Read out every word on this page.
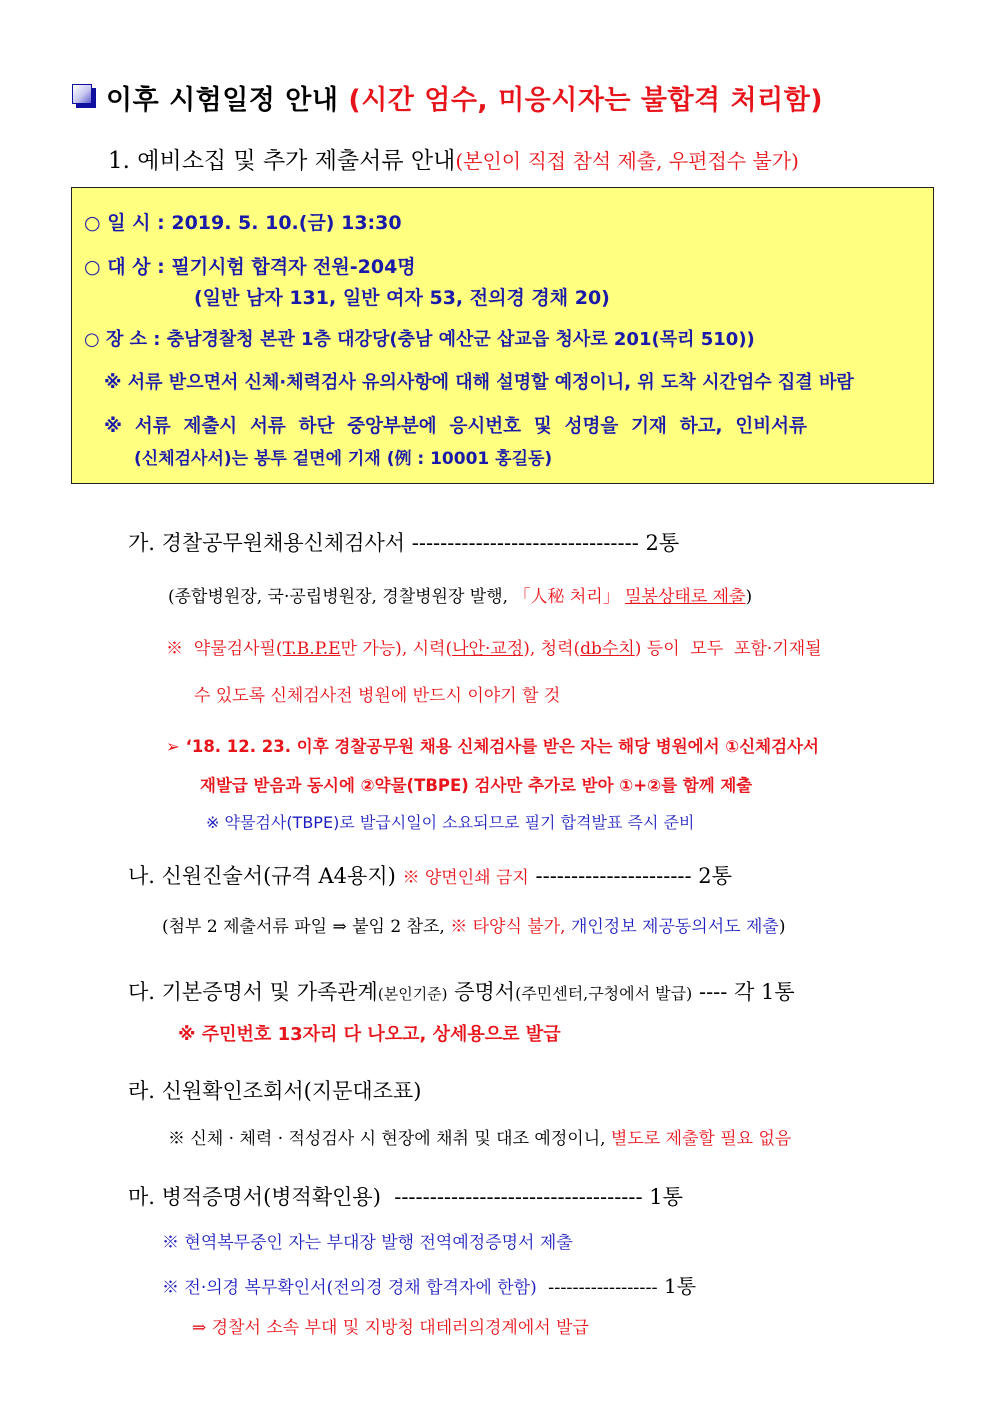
이후 시험일정 안내 (시간 엄수, 미응시자는 불합격 처리함)
1. 예비소집 및 추가 제출서류 안내(본인이 직접 참석 제출, 우편접수 불가)
○ 일 시 : 2019. 5. 10.(금) 13:30
○ 대 상 : 필기시험 합격자 전원-204명
(일반 남자 131, 일반 여자 53, 전의경 경채 20)
○ 장 소 : 충남경찰청 본관 1층 대강당(충남 예산군 삽교읍 청사로 201(목리 510))
※ 서류 받으면서 신체·체력검사 유의사항에 대해 설명할 예정이니, 위 도착 시간엄수 집결 바람
※  서류  제출시  서류  하단  중앙부분에  응시번호  및  성명을  기재  하고,  인비서류
(신체검사서)는 봉투 겉면에 기재 (例 : 10001 홍길동)
가. 경찰공무원채용신체검사서 -------------------------------- 2통
(종합병원장, 국·공립병원장, 경찰병원장 발행, 「人秘 처리」 밀봉상태로 제출)
※  약물검사필(T.B.P.E만 가능), 시력(나안·교정), 청력(db수치) 등이  모두  포함·기재될
수 있도록 신체검사전 병원에 반드시 이야기 할 것
➢ ‘18. 12. 23. 이후 경찰공무원 채용 신체검사를 받은 자는 해당 병원에서 ①신체검사서
재발급 받음과 동시에 ②약물(TBPE) 검사만 추가로 받아 ①+②를 함께 제출
※ 약물검사(TBPE)로 발급시일이 소요되므로 필기 합격발표 즉시 준비
나. 신원진술서(규격 A4용지) ※ 양면인쇄 금지 ---------------------- 2통
(첨부 2 제출서류 파일 ⇒ 붙임 2 참조, ※ 타양식 불가, 개인정보 제공동의서도 제출)
다. 기본증명서 및 가족관계(본인기준) 증명서(주민센터,구청에서 발급) ---- 각 1통
※ 주민번호 13자리 다 나오고, 상세용으로 발급
라. 신원확인조회서(지문대조표)
※ 신체 · 체력 · 적성검사 시 현장에 채취 및 대조 예정이니, 별도로 제출할 필요 없음
마. 병적증명서(병적확인용)  ----------------------------------- 1통
※ 현역복무중인 자는 부대장 발행 전역예정증명서 제출
※ 전·의경 복무확인서(전의경 경채 합격자에 한함)  ------------------ 1통
⇒ 경찰서 소속 부대 및 지방청 대테러의경계에서 발급
